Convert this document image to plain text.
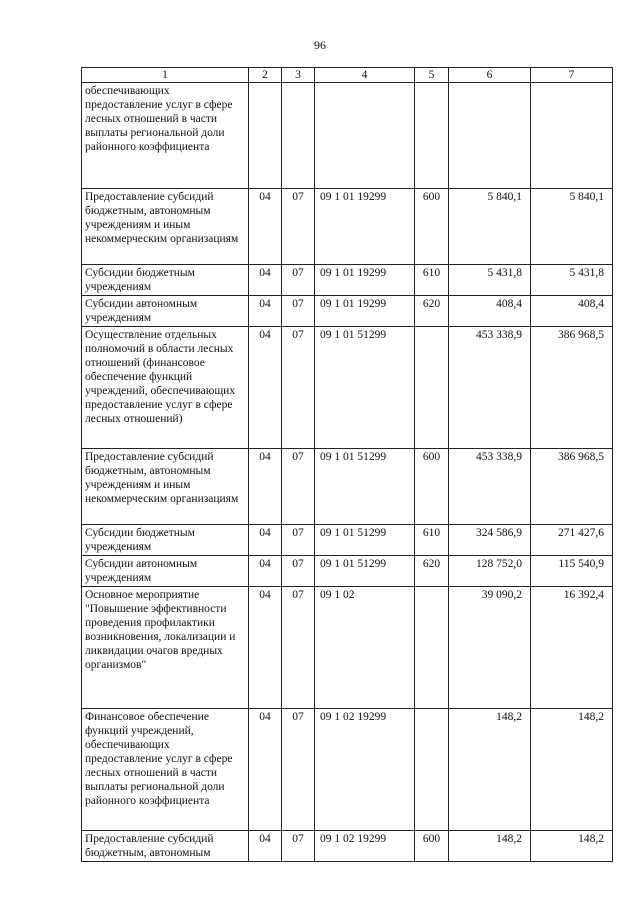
96
1	2	3	4	5	6	7
обеспечивающих предоставление услуг в сфере лесных отношений в части выплаты региональной доли районного коэффициента						
Предоставление субсидий бюджетным, автономным учреждениям и иным некоммерческим организациям	04	07	09 1 01 19299	600	5 840,1	5 840,1
Субсидии бюджетным учреждениям	04	07	09 1 01 19299	610	5 431,8	5 431,8
Субсидии автономным учреждениям	04	07	09 1 01 19299	620	408,4	408,4
Осуществление отдельных полномочий в области лесных отношений (финансовое обеспечение функций учреждений, обеспечивающих предоставление услуг в сфере лесных отношений)	04	07	09 1 01 51299		453 338,9	386 968,5
Предоставление субсидий бюджетным, автономным учреждениям и иным некоммерческим организациям	04	07	09 1 01 51299	600	453 338,9	386 968,5
Субсидии бюджетным учреждениям	04	07	09 1 01 51299	610	324 586,9	271 427,6
Субсидии автономным учреждениям	04	07	09 1 01 51299	620	128 752,0	115 540,9
Основное мероприятие "Повышение эффективности проведения профилактики возникновения, локализации и ликвидации очагов вредных организмов"	04	07	09 1 02		39 090,2	16 392,4
Финансовое обеспечение функций учреждений, обеспечивающих предоставление услуг в сфере лесных отношений в части выплаты региональной доли районного коэффициента	04	07	09 1 02 19299		148,2	148,2
Предоставление субсидий бюджетным, автономным	04	07	09 1 02 19299	600	148,2	148,2
